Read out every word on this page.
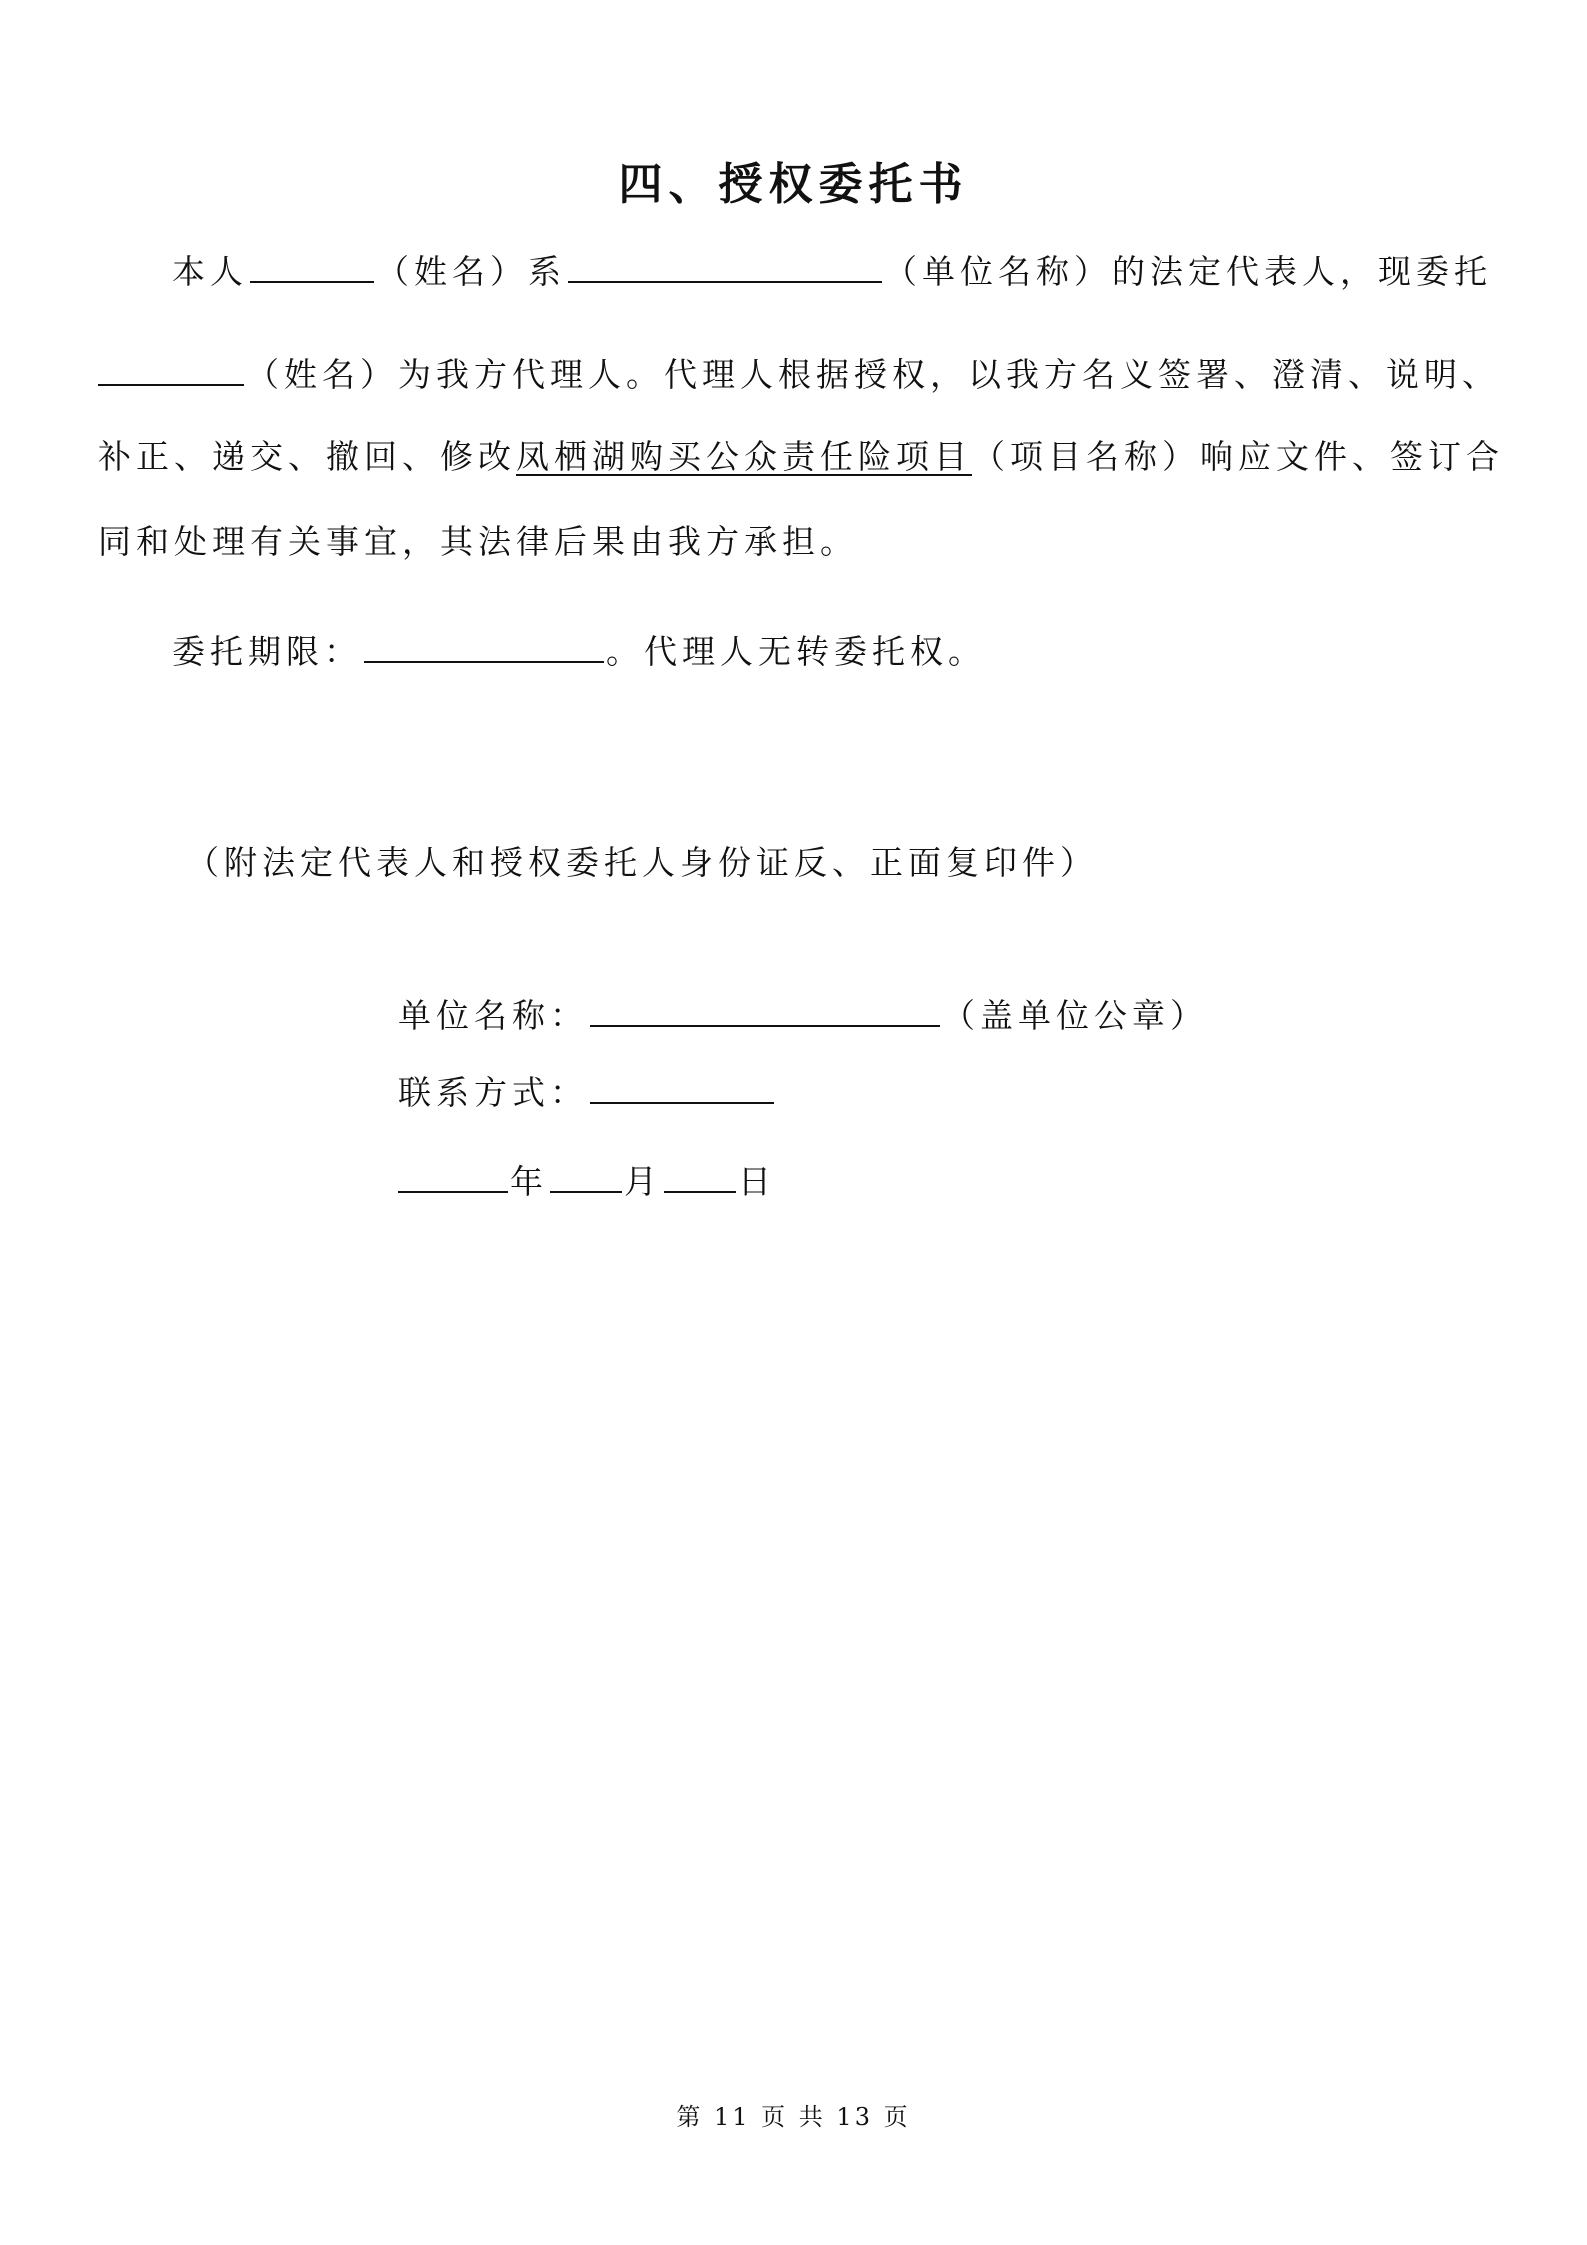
四、授权委托书
本人	（姓名）系	（单位名称）的法定代表人，现委托
（姓名）为我方代理人。代理人根据授权，以我方名义签署、澄清、说明、
补正、递交、撤回、修改凤栖湖购买公众责任险项目（项目名称）响应文件、签订合
同和处理有关事宜，其法律后果由我方承担。
委托期限：	。代理人无转委托权。
（附法定代表人和授权委托人身份证反、正面复印件）
单位名称：	（盖单位公章）
联系方式：
年 月 日
第 11 页 共 13 页
